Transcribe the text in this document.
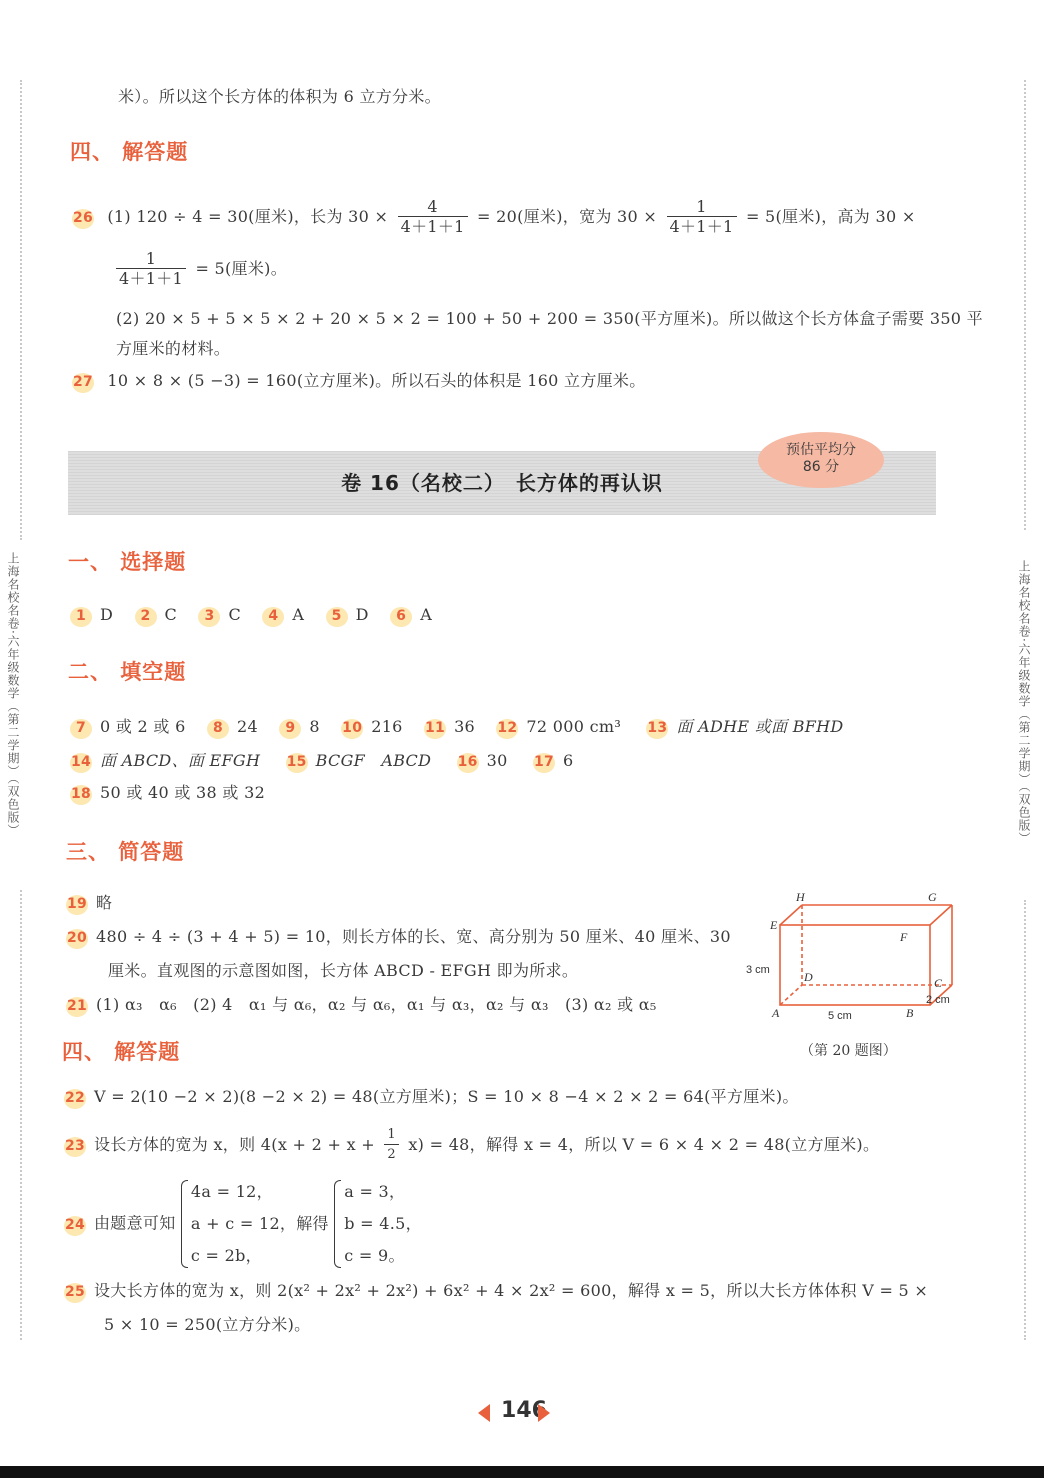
上海名校名卷·六年级数学（第二学期）（双色版）	上海名校名卷·六年级数学（第二学期）（双色版）
米）。所以这个长方体的体积为 6 立方分米。
四、 解答题
26 (1) 120 ÷ 4 = 30(厘米)，长为 $30 \times \frac{4}{4+1+1} = 20$(厘米)，宽为 $30 \times \frac{1}{4+1+1} = 5$(厘米)，高为 30 ×
$\frac{1}{4+1+1} = 5$(厘米)。
(2) 20 × 5 + 5 × 5 × 2 + 20 × 5 × 2 = 100 + 50 + 200 = 350(平方厘米)。所以做这个长方体盒子需要 350 平
方厘米的材料。
27 10 × 8 × (5 −3) = 160(立方厘米)。所以石头的体积是 160 立方厘米。
卷 16（名校二）　长方体的再认识
预估平均分
86 分
一、 选择题
1 D 2 C 3 C 4 A 5 D 6 A
二、 填空题
7 0 或 2 或 6 8 24 9 8 10 216 11 36 12 72 000 cm³ 13 面 ADHE 或面 BFHD
14 面 ABCD、面 EFGH 15 BCGF　ABCD 16 30 17 6
18 50 或 40 或 38 或 32
三、 简答题
19 略
20 480 ÷ 4 ÷ (3 + 4 + 5) = 10，则长方体的长、宽、高分别为 50 厘米、40 厘米、30
厘米。直观图的示意图如图，长方体 ABCD - EFGH 即为所求。
21 (1) α₃　α₆　(2) 4　α₁ 与 α₆，α₂ 与 α₆，α₁ 与 α₃，α₂ 与 α₃　(3) α₂ 或 α₅
H	G
E
F
D	C
A	B
3 cm
5 cm
2 cm
（第 20 题图）
四、 解答题
22 V = 2(10 −2 × 2)(8 −2 × 2) = 48(立方厘米)；S = 10 × 8 −4 × 2 × 2 = 64(平方厘米)。
23 设长方体的宽为 x，则 $4(x + 2 + x + \frac{1}{2} x) = 48$，解得 x = 4，所以 V = 6 × 4 × 2 = 48(立方厘米)。
24 由题意可知
4a = 12，
a + c = 12，
c = 2b，
解得
a = 3，
b = 4.5，
c = 9。
25 设大长方体的宽为 x，则 2(x² + 2x² + 2x²) + 6x² + 4 × 2x² = 600，解得 x = 5，所以大长方体体积 V = 5 ×
5 × 10 = 250(立方分米)。
146
